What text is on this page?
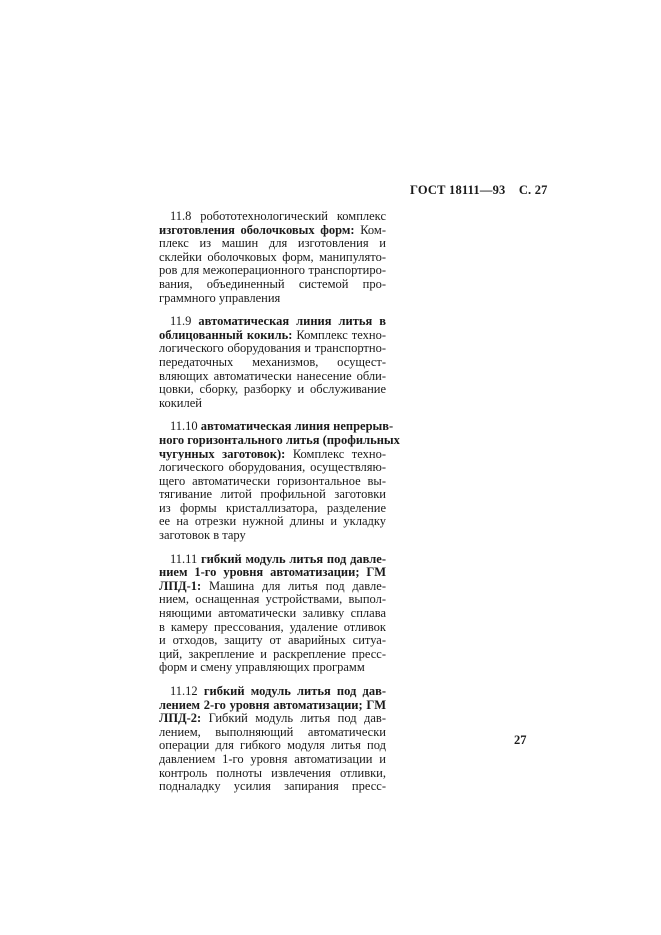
ГОСТ 18111—93 С. 27

11.8 робототехнологический комплекс
изготовления оболочковых форм: Ком-
плекс из машин для изготовления и
склейки оболочковых форм, манипулято-
ров для межоперационного транспортиро-
вания, объединенный системой про-
граммного управления

11.9 автоматическая линия литья в
облицованный кокиль: Комплекс техно-
логического оборудования и транспортно-
передаточных механизмов, осущест-
вляющих автоматически нанесение обли-
цовки, сборку, разборку и обслуживание
кокилей

11.10 автоматическая линия непрерыв-
ного горизонтального литья (профильных
чугунных заготовок): Комплекс техно-
логического оборудования, осуществляю-
щего автоматически горизонтальное вы-
тягивание литой профильной заготовки
из формы кристаллизатора, разделение
ее на отрезки нужной длины и укладку
заготовок в тару

11.11 гибкий модуль литья под давле-
нием 1-го уровня автоматизации; ГМ
ЛПД-1: Машина для литья под давле-
нием, оснащенная устройствами, выпол-
няющими автоматически заливку сплава
в камеру прессования, удаление отливок
и отходов, защиту от аварийных ситуа-
ций, закрепление и раскрепление пресс-
форм и смену управляющих программ

11.12 гибкий модуль литья под дав-
лением 2-го уровня автоматизации; ГМ
ЛПД-2: Гибкий модуль литья под дав-
лением, выполняющий автоматически
операции для гибкого модуля литья под
давлением 1-го уровня автоматизации и
контроль полноты извлечения отливки,
подналадку усилия запирания пресс-

27
